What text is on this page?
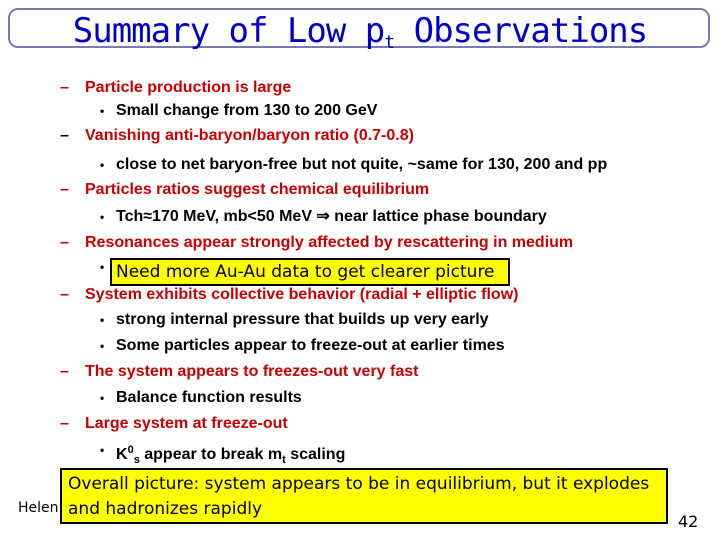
Summary of Low $p_t$ Observations
– Particle production is large
• Small change from 130 to 200 GeV
– Vanishing anti-baryon/baryon ratio (0.7-0.8)
• close to net baryon-free but not quite, ~same for 130, 200 and pp
– Particles ratios suggest chemical equilibrium
• Tch≈170 MeV, mb<50 MeV ⇒ near lattice phase boundary
– Resonances appear strongly affected by rescattering in medium
•
– System exhibits collective behavior (radial + elliptic flow)
• strong internal pressure that builds up very early
• Some particles appear to freeze-out at earlier times
– The system appears to freezes-out very fast
• Balance function results
– Large system at freeze-out
• $K^0_s$ appear to break $m_t$ scaling
Need more Au-Au data to get clearer picture
Helen
Overall picture: system appears to be in equilibrium, but it explodes
and hadronizes rapidly
42
